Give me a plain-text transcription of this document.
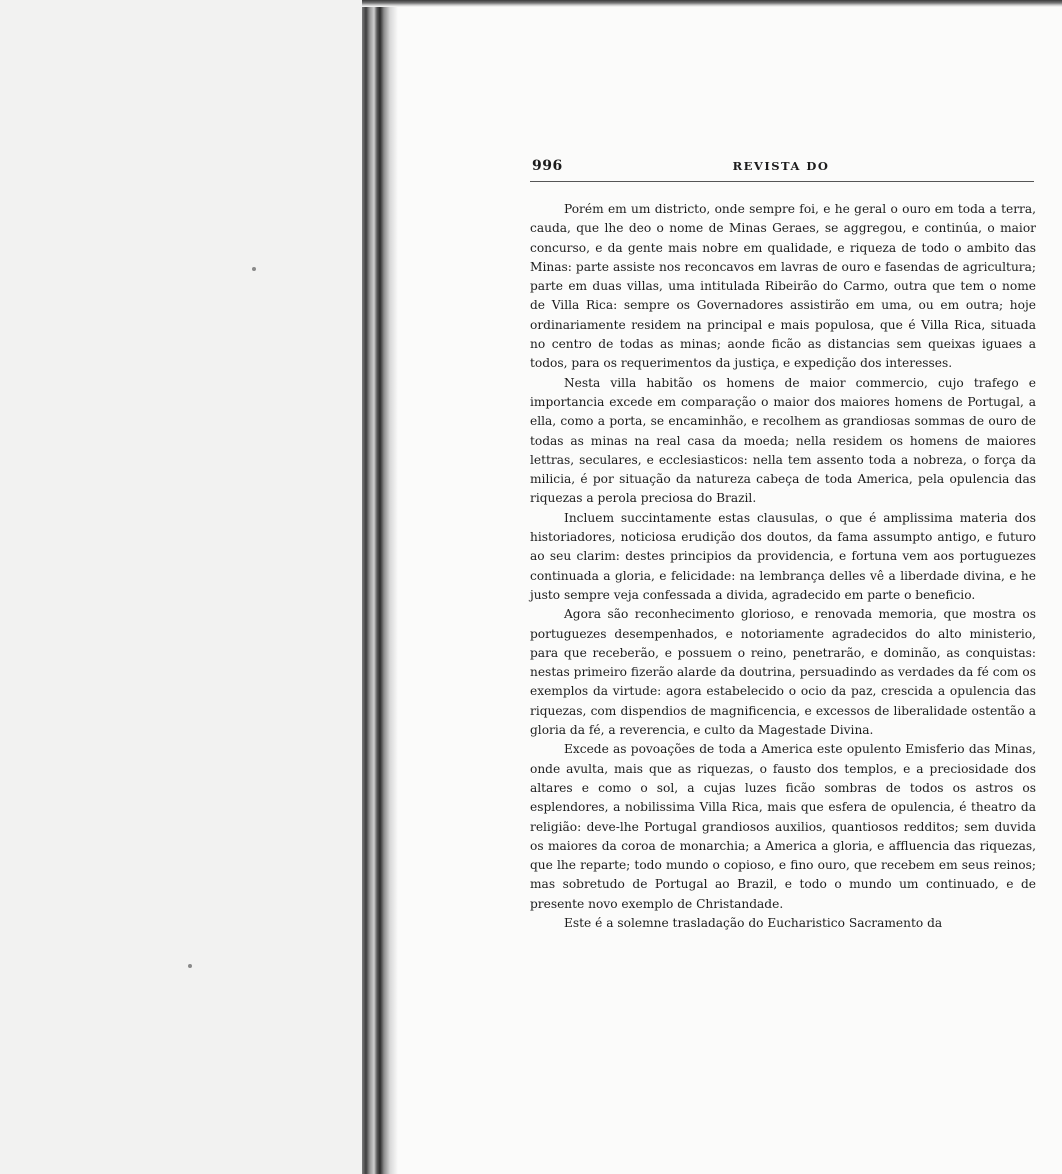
996	REVISTA DO

Porém em um districto, onde sempre foi, e he geral o ouro em toda a terra, cauda, que lhe deo o nome de Minas Geraes, se aggregou, e continúa, o maior concurso, e da gente mais nobre em qualidade, e riqueza de todo o ambito das Minas: parte assiste nos reconcavos em lavras de ouro e fasendas de agricultura; parte em duas villas, uma intitulada Ribeirão do Carmo, outra que tem o nome de Villa Rica: sempre os Governadores assistirão em uma, ou em outra; hoje ordinariamente residem na principal e mais populosa, que é Villa Rica, situada no centro de todas as minas; aonde ficão as distancias sem queixas iguaes a todos, para os requerimentos da justiça, e expedição dos interesses.

Nesta villa habitão os homens de maior commercio, cujo trafego e importancia excede em comparação o maior dos maiores homens de Portugal, a ella, como a porta, se encaminhão, e recolhem as grandiosas sommas de ouro de todas as minas na real casa da moeda; nella residem os homens de maiores lettras, seculares, e ecclesiasticos: nella tem assento toda a nobreza, o força da milicia, é por situação da natureza cabeça de toda America, pela opulencia das riquezas a perola preciosa do Brazil.

Incluem succintamente estas clausulas, o que é amplissima materia dos historiadores, noticiosa erudição dos doutos, da fama assumpto antigo, e futuro ao seu clarim: destes principios da providencia, e fortuna vem aos portuguezes continuada a gloria, e felicidade: na lembrança delles vê a liberdade divina, e he justo sempre veja confessada a divida, agradecido em parte o beneficio.

Agora são reconhecimento glorioso, e renovada memoria, que mostra os portuguezes desempenhados, e notoriamente agradecidos do alto ministerio, para que receberão, e possuem o reino, penetrarão, e dominão, as conquistas: nestas primeiro fizerão alarde da doutrina, persuadindo as verdades da fé com os exemplos da virtude: agora estabelecido o ocio da paz, crescida a opulencia das riquezas, com dispendios de magnificencia, e excessos de liberalidade ostentão a gloria da fé, a reverencia, e culto da Magestade Divina.

Excede as povoações de toda a America este opulento Emisferio das Minas, onde avulta, mais que as riquezas, o fausto dos templos, e a preciosidade dos altares e como o sol, a cujas luzes ficão sombras de todos os astros os esplendores, a nobilissima Villa Rica, mais que esfera de opulencia, é theatro da religião: deve-lhe Portugal grandiosos auxilios, quantiosos redditos; sem duvida os maiores da coroa de monarchia; a America a gloria, e affluencia das riquezas, que lhe reparte; todo mundo o copioso, e fino ouro, que recebem em seus reinos; mas sobretudo de Portugal ao Brazil, e todo o mundo um continuado, e de presente novo exemplo de Christandade.

Este é a solemne trasladação do Eucharistico Sacramento da
